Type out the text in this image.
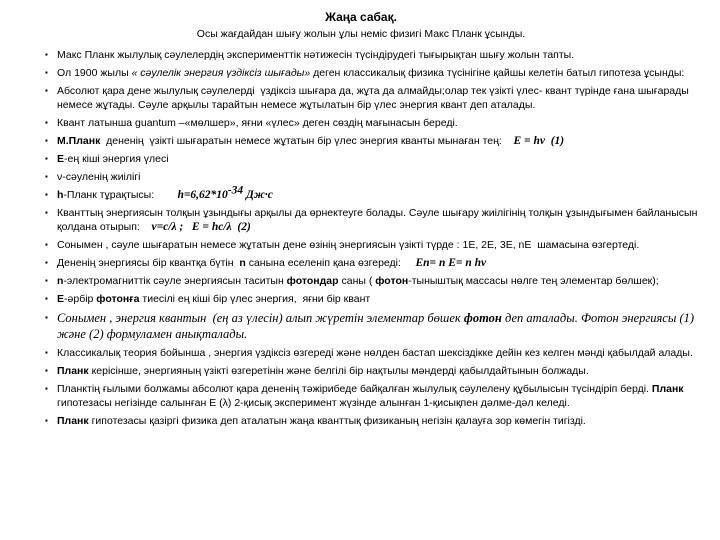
Жаңа сабақ.
Осы жағдайдан шығу жолын ұлы неміс физигі Макс Планк ұсынды.
▪ Макс Планк жылулық сәулелердің эксперименттік нәтижесін түсіндірудегі тығырықтан шығу жолын тапты.
▪ Ол 1900 жылы « сәулелік энергия үздіксіз шығады» деген классикалық физика түсінігіне қайшы келетін батыл гипотеза ұсынды:
▪ Абсолют қара дене жылулық сәулелерді  үздіксіз шығара да, жұта да алмайды;олар тек үзікті үлес- квант түрінде ғана шығарады немесе жұтады. Сәуле арқылы тарайтын немесе жұтылатын бір үлес энергия квант деп аталады.
▪ Квант латынша guantum –«мөлшер», яғни «үлес» деген сөздің мағынасын береді.
▪ М.Планк  дененің  үзікті шығаратын немесе жұтатын бір үлес энергия кванты мынаған тең:    E = hν  (1)
▪ Е-ең кіші энергия үлесі
▪ ν-сәуленің жиілігі
▪ h-Планк тұрақтысы:        $h=6,62*10^{-34}$ Дж·с
▪ Кванттың энергиясын толқын ұзындығы арқылы да өрнектеуге болады. Сәуле шығару жиілігінің толқын ұзындығымен байланысын қолдана отырып:    ν=c/λ ;   E = hc/λ  (2)
▪ Сонымен , сәуле шығаратын немесе жұтатын дене өзінің энергиясын үзікті түрде : 1Е, 2Е, 3Е, nЕ  шамасына өзгертеді.
▪ Дененің энергиясы бір квантқа бүтін  n санына еселеніп қана өзгереді:     En= n E= n hν
▪ n-электромагниттік сәуле энергиясын таситын фотондар саны ( фотон-тыныштық массасы нөлге тең элементар бөлшек);
▪ Е-әрбір фотонға тиесілі ең кіші бір үлес энергия,  яғни бір квант
▪ Сонымен , энергия квантын  (ең аз үлесін) алып жүретін элементар бөшек фотон деп аталады. Фотон энергиясы (1) және (2) формуламен анықталады.
▪ Классикалық теория бойынша , энергия үздіксіз өзгереді және нөлден бастап шексіздікке дейін кез келген мәнді қабылдай алады.
▪ Планк керісінше, энергияның үзікті өзгеретінін және белгілі бір нақтылы мәндерді қабылдайтынын болжады.
▪ Планктің ғылыми болжамы абсолют қара дененің тәжірибеде байқалған жылулық сәулелену құбылысын түсіндіріп берді. Планк гипотезасы негізінде салынған Е (λ) 2-қисық эксперимент жүзінде алынған 1-қисықпен дәлме-дәл келеді.
▪ Планк гипотезасы қазіргі физика деп аталатын жаңа кванттық физиканың негізін қалауға зор көмегін тигізді.
